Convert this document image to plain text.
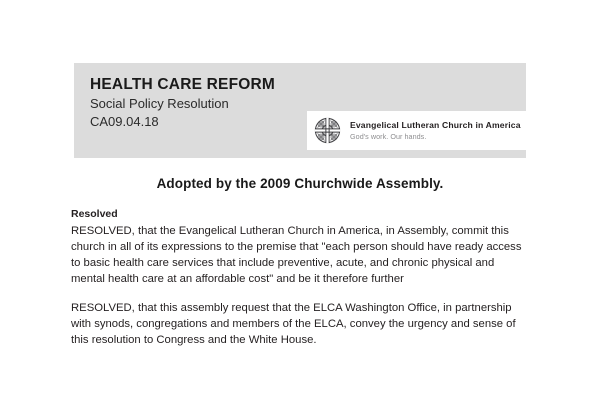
HEALTH CARE REFORM
Social Policy Resolution
CA09.04.18	Evangelical Lutheran Church in America
God's work. Our hands.
Adopted by the 2009 Churchwide Assembly.
Resolved

RESOLVED, that the Evangelical Lutheran Church in America, in Assembly, commit this church in all of its expressions to the premise that "each person should have ready access to basic health care services that include preventive, acute, and chronic physical and mental health care at an affordable cost" and be it therefore further

RESOLVED, that this assembly request that the ELCA Washington Office, in partnership with synods, congregations and members of the ELCA, convey the urgency and sense of this resolution to Congress and the White House.
